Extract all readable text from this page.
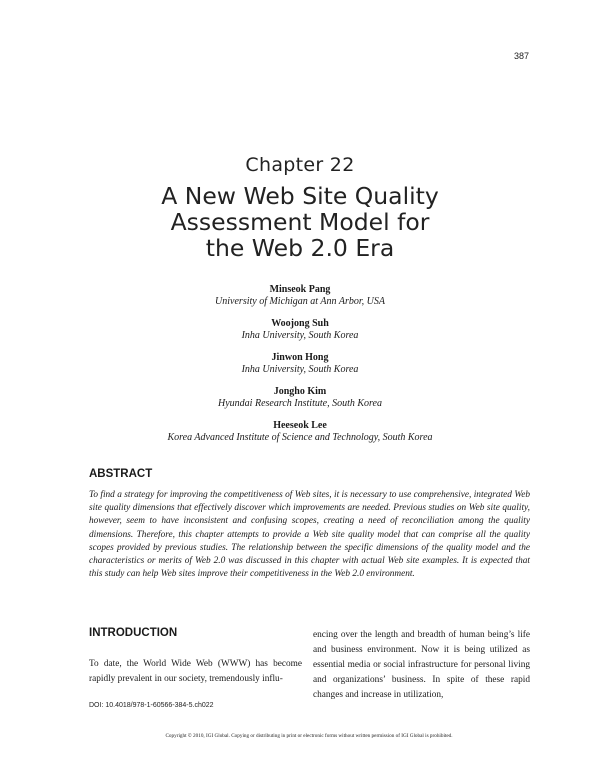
387
Chapter 22
A New Web Site Quality
Assessment Model for
the Web 2.0 Era
Minseok Pang
University of Michigan at Ann Arbor, USA
Woojong Suh
Inha University, South Korea
Jinwon Hong
Inha University, South Korea
Jongho Kim
Hyundai Research Institute, South Korea
Heeseok Lee
Korea Advanced Institute of Science and Technology, South Korea
ABSTRACT
To find a strategy for improving the competitiveness of Web sites, it is necessary to use comprehensive, integrated Web site quality dimensions that effectively discover which improvements are needed. Previous studies on Web site quality, however, seem to have inconsistent and confusing scopes, creating a need of reconciliation among the quality dimensions. Therefore, this chapter attempts to provide a Web site quality model that can comprise all the quality scopes provided by previous studies. The relationship between the specific dimensions of the quality model and the characteristics or merits of Web 2.0 was discussed in this chapter with actual Web site examples. It is expected that this study can help Web sites improve their competitiveness in the Web 2.0 environment.
INTRODUCTION
To date, the World Wide Web (WWW) has become rapidly prevalent in our society, tremendously influ-
encing over the length and breadth of human being’s life and business environment. Now it is being utilized as essential media or social infrastructure for personal living and organizations’ business. In spite of these rapid changes and increase in utilization,
DOI: 10.4018/978-1-60566-384-5.ch022
Copyright © 2010, IGI Global. Copying or distributing in print or electronic forms without written permission of IGI Global is prohibited.
